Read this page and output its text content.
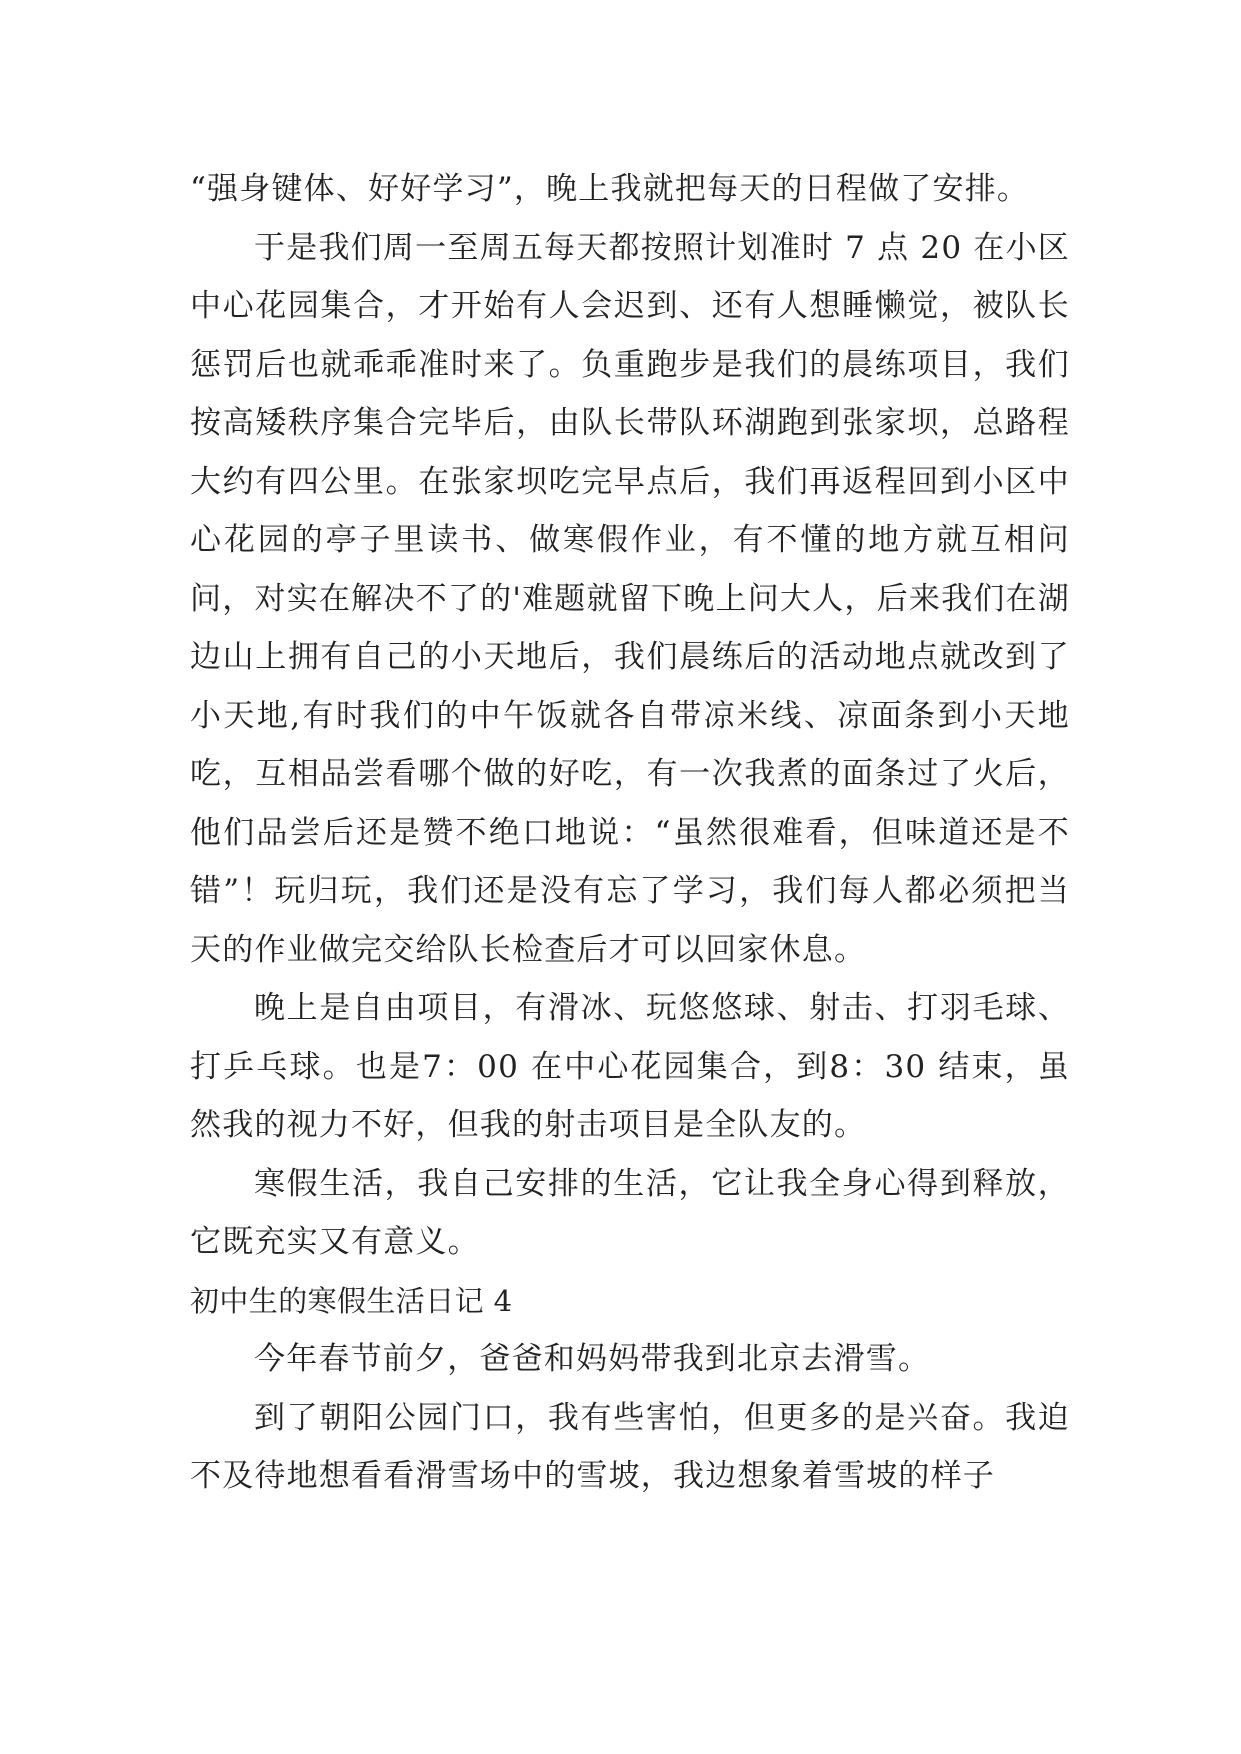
“强身键体、好好学习”，晚上我就把每天的日程做了安排。

于是我们周一至周五每天都按照计划准时 7 点 20 在小区中心花园集合，才开始有人会迟到、还有人想睡懒觉，被队长惩罚后也就乖乖准时来了。负重跑步是我们的晨练项目，我们按高矮秩序集合完毕后，由队长带队环湖跑到张家坝，总路程大约有四公里。在张家坝吃完早点后，我们再返程回到小区中心花园的亭子里读书、做寒假作业，有不懂的地方就互相问问，对实在解决不了的'难题就留下晚上问大人，后来我们在湖边山上拥有自己的小天地后，我们晨练后的活动地点就改到了小天地,有时我们的中午饭就各自带凉米线、凉面条到小天地吃，互相品尝看哪个做的好吃，有一次我煮的面条过了火后，他们品尝后还是赞不绝口地说：“虽然很难看，但味道还是不错”！玩归玩，我们还是没有忘了学习，我们每人都必须把当天的作业做完交给队长检查后才可以回家休息。

晚上是自由项目，有滑冰、玩悠悠球、射击、打羽毛球、打乒乓球。也是7：00 在中心花园集合，到8：30 结束，虽然我的视力不好，但我的射击项目是全队友的。

寒假生活，我自己安排的生活，它让我全身心得到释放，它既充实又有意义。

初中生的寒假生活日记 4

今年春节前夕，爸爸和妈妈带我到北京去滑雪。

到了朝阳公园门口，我有些害怕，但更多的是兴奋。我迫不及待地想看看滑雪场中的雪坡，我边想象着雪坡的样子
